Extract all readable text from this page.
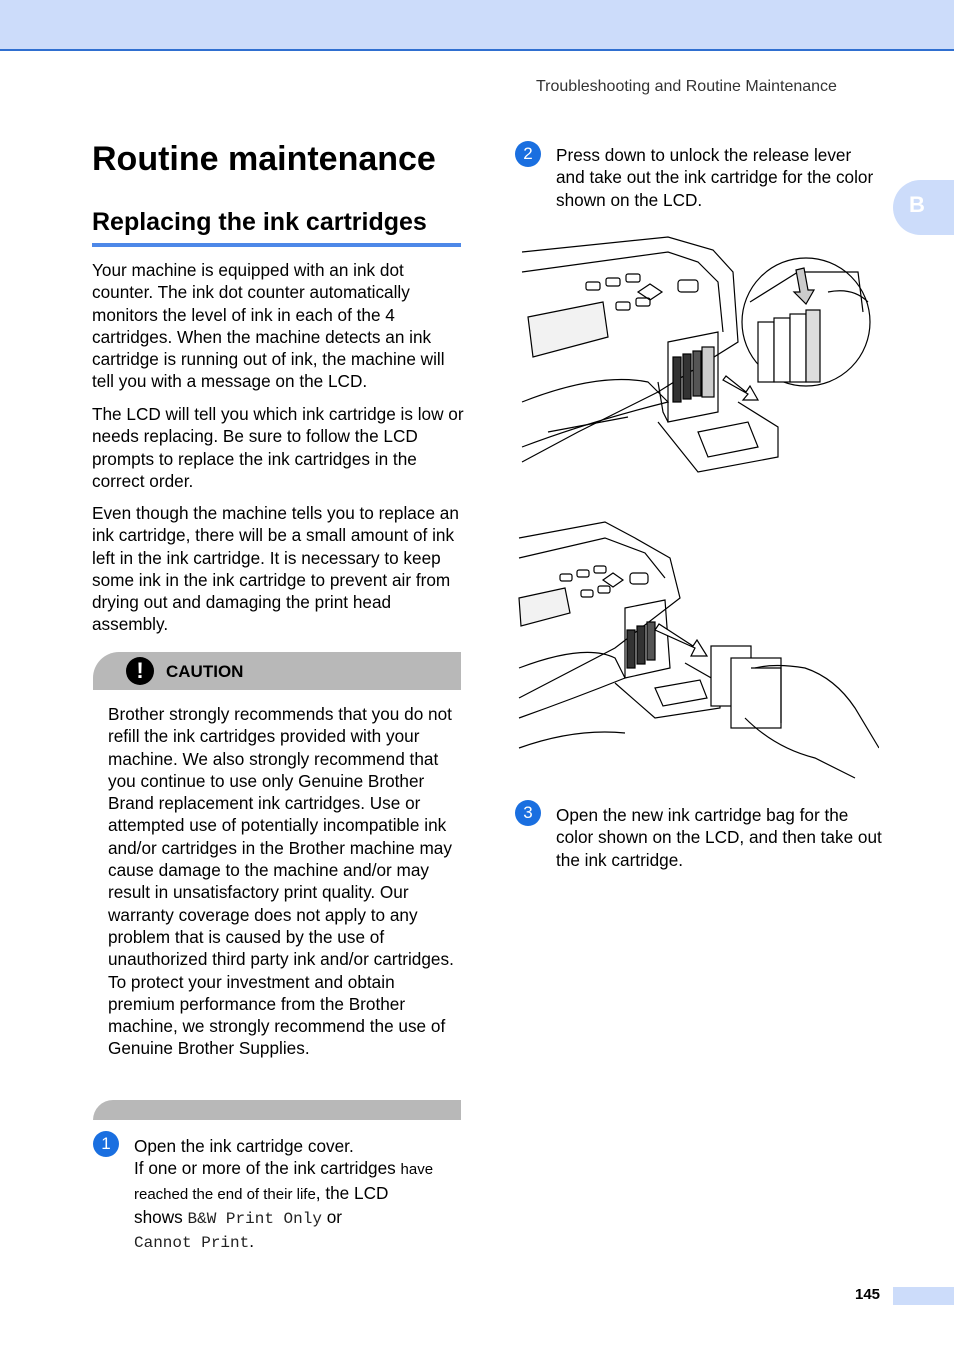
Troubleshooting and Routine Maintenance
B
Routine maintenance
Replacing the ink cartridges

Your machine is equipped with an ink dot counter. The ink dot counter automatically monitors the level of ink in each of the 4 cartridges. When the machine detects an ink cartridge is running out of ink, the machine will tell you with a message on the LCD.

The LCD will tell you which ink cartridge is low or needs replacing. Be sure to follow the LCD prompts to replace the ink cartridges in the correct order.

Even though the machine tells you to replace an ink cartridge, there will be a small amount of ink left in the ink cartridge. It is necessary to keep some ink in the ink cartridge to prevent air from drying out and damaging the print head assembly.

!	CAUTION

Brother strongly recommends that you do not refill the ink cartridges provided with your machine. We also strongly recommend that you continue to use only Genuine Brother Brand replacement ink cartridges. Use or attempted use of potentially incompatible ink and/or cartridges in the Brother machine may cause damage to the machine and/or may result in unsatisfactory print quality. Our warranty coverage does not apply to any problem that is caused by the use of unauthorized third party ink and/or cartridges. To protect your investment and obtain premium performance from the Brother machine, we strongly recommend the use of Genuine Brother Supplies.

1	Open the ink cartridge cover.
If one or more of the ink cartridges have
reached the end of their life, the LCD
shows B&W Print Only or
Cannot Print.
2	Press down to unlock the release lever and take out the ink cartridge for the color shown on the LCD.

3	Open the new ink cartridge bag for the color shown on the LCD, and then take out the ink cartridge.

145
